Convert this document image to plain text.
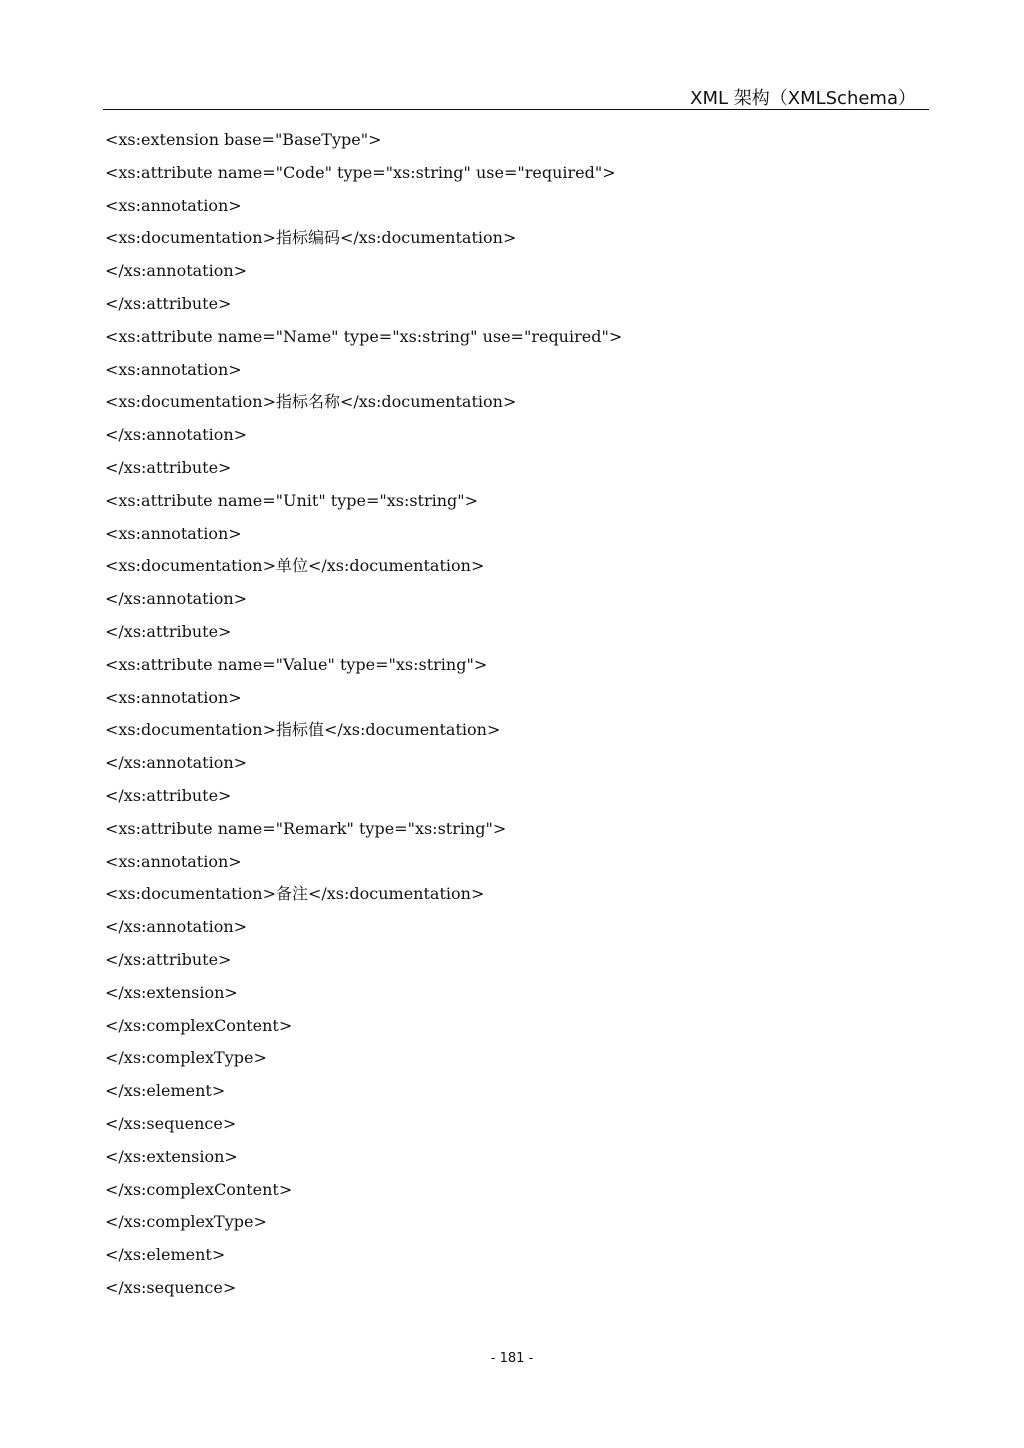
XML 架构（XMLSchema）
<xs:extension base="BaseType">
<xs:attribute name="Code" type="xs:string" use="required">
<xs:annotation>
<xs:documentation>指标编码</xs:documentation>
</xs:annotation>
</xs:attribute>
<xs:attribute name="Name" type="xs:string" use="required">
<xs:annotation>
<xs:documentation>指标名称</xs:documentation>
</xs:annotation>
</xs:attribute>
<xs:attribute name="Unit" type="xs:string">
<xs:annotation>
<xs:documentation>单位</xs:documentation>
</xs:annotation>
</xs:attribute>
<xs:attribute name="Value" type="xs:string">
<xs:annotation>
<xs:documentation>指标值</xs:documentation>
</xs:annotation>
</xs:attribute>
<xs:attribute name="Remark" type="xs:string">
<xs:annotation>
<xs:documentation>备注</xs:documentation>
</xs:annotation>
</xs:attribute>
</xs:extension>
</xs:complexContent>
</xs:complexType>
</xs:element>
</xs:sequence>
</xs:extension>
</xs:complexContent>
</xs:complexType>
</xs:element>
</xs:sequence>
- 181 -
